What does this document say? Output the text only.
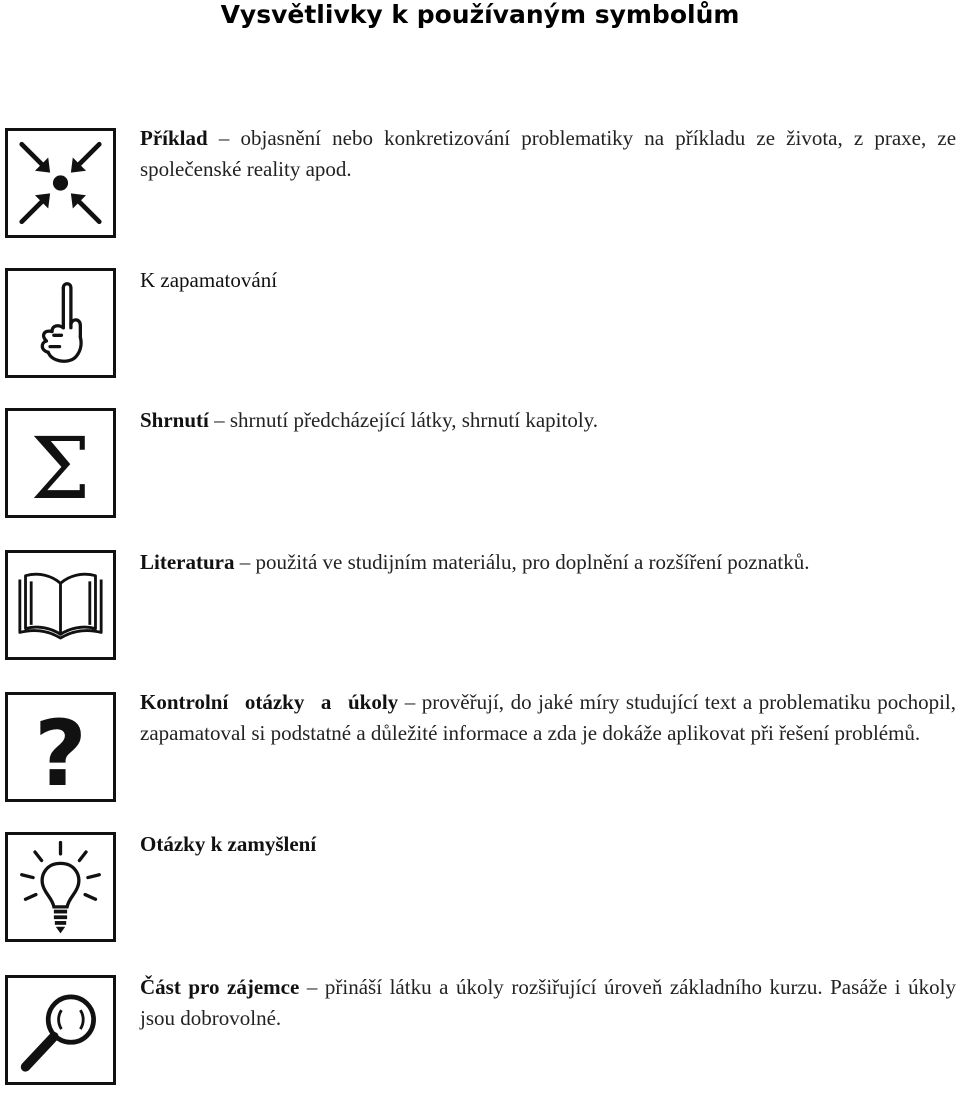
Vysvětlivky k používaným symbolům
Příklad – objasnění nebo konkretizování problematiky na příkladu ze života, z praxe, ze společenské reality apod.
K zapamatování
Σ Shrnutí – shrnutí předcházející látky, shrnutí kapitoly.
Literatura – použitá ve studijním materiálu, pro doplnění a rozšíření poznatků.
?	Kontrolní otázky a úkoly – prověřují, do jaké míry studující text a problematiku pochopil, zapamatoval si podstatné a důležité informace a zda je dokáže aplikovat při řešení problémů.
Otázky k zamyšlení
Část pro zájemce – přináší látku a úkoly rozšiřující úroveň základního kurzu. Pasáže i úkoly jsou dobrovolné.
